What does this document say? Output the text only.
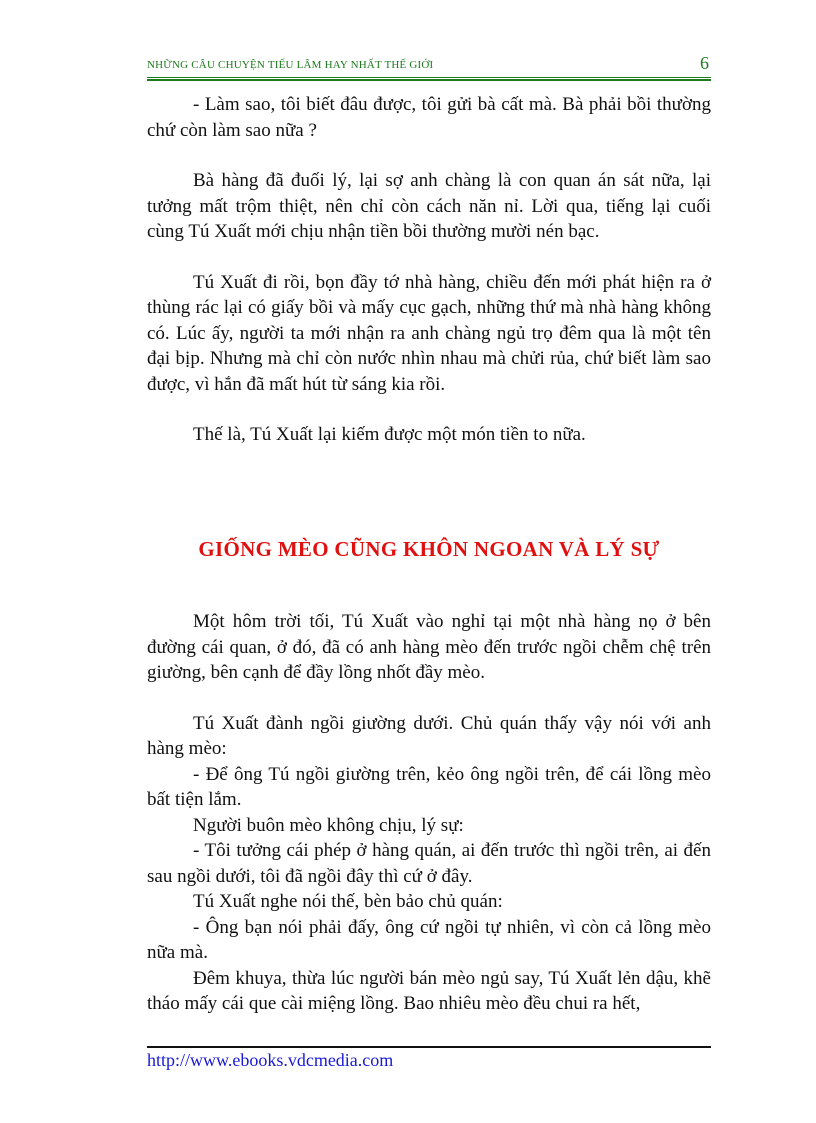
NHỮNG CÂU CHUYỆN TIẾU LÂM HAY NHẤT THẾ GIỚI	6

- Làm sao, tôi biết đâu được, tôi gửi bà cất mà. Bà phải bồi thường chứ còn làm sao nữa ?

Bà hàng đã đuối lý, lại sợ anh chàng là con quan án sát nữa, lại tưởng mất trộm thiệt, nên chỉ còn cách năn nỉ. Lời qua, tiếng lại cuối cùng Tú Xuất mới chịu nhận tiền bồi thường mười nén bạc.

Tú Xuất đi rồi, bọn đầy tớ nhà hàng, chiều đến mới phát hiện ra ở thùng rác lại có giấy bồi và mấy cục gạch, những thứ mà nhà hàng không có. Lúc ấy, người ta mới nhận ra anh chàng ngủ trọ đêm qua là một tên đại bịp. Nhưng mà chỉ còn nước nhìn nhau mà chửi rủa, chứ biết làm sao được, vì hắn đã mất hút từ sáng kia rồi.

Thế là, Tú Xuất lại kiếm được một món tiền to nữa.

GIỐNG MÈO CŨNG KHÔN NGOAN VÀ LÝ SỰ

Một hôm trời tối, Tú Xuất vào nghỉ tại một nhà hàng nọ ở bên đường cái quan, ở đó, đã có anh hàng mèo đến trước ngồi chễm chệ trên giường, bên cạnh để đầy lồng nhốt đầy mèo.

Tú Xuất đành ngồi giường dưới. Chủ quán thấy vậy nói với anh hàng mèo:

- Để ông Tú ngồi giường trên, kẻo ông ngồi trên, để cái lồng mèo bất tiện lắm.

Người buôn mèo không chịu, lý sự:

- Tôi tưởng cái phép ở hàng quán, ai đến trước thì ngồi trên, ai đến sau ngồi dưới, tôi đã ngồi đây thì cứ ở đây.

Tú Xuất nghe nói thế, bèn bảo chủ quán:

- Ông bạn nói phải đấy, ông cứ ngồi tự nhiên, vì còn cả lồng mèo nữa mà.

Đêm khuya, thừa lúc người bán mèo ngủ say, Tú Xuất lẻn dậu, khẽ tháo mấy cái que cài miệng lồng. Bao nhiêu mèo đều chui ra hết,

http://www.ebooks.vdcmedia.com
